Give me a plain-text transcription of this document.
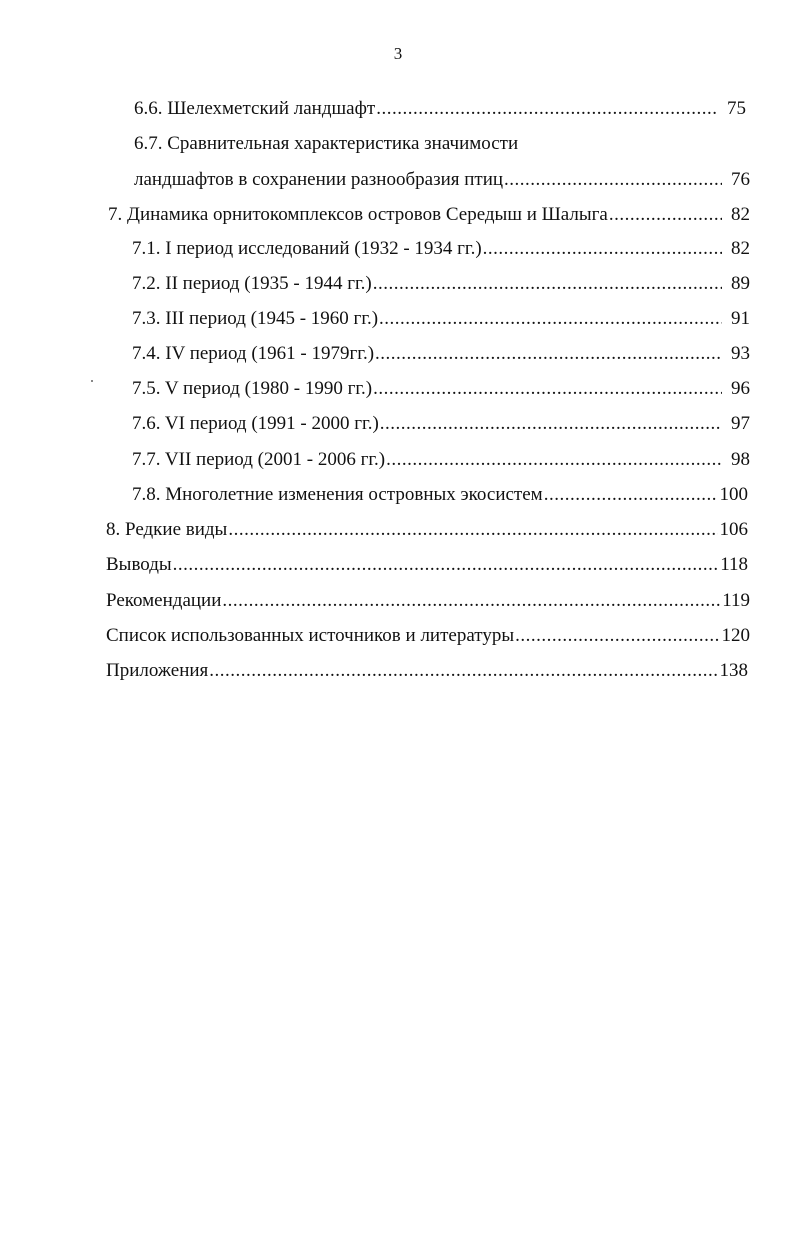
3
6.6. Шелехметский ландшафт .....	75
6.7. Сравнительная характеристика значимости
ландшафтов в сохранении разнообразия птиц .....	76
7. Динамика орнитокомплексов островов Середыш и Шалыга .....	82
7.1. I период исследований (1932 - 1934 гг.) .....	82
7.2. II период (1935 - 1944 гг.) .....	89
7.3. III период (1945 - 1960 гг.) .....	91
7.4. IV период (1961 - 1979гг.) .....	93
7.5. V период (1980 - 1990 гг.) .....	96
7.6. VI период (1991 - 2000 гг.) .....	97
7.7. VII период (2001 - 2006 гг.) .....	98
7.8. Многолетние изменения островных экосистем .....	100
8. Редкие виды .....	106
Выводы .....	118
Рекомендации .....	119
Список использованных источников и литературы .....	120
Приложения .....	138
